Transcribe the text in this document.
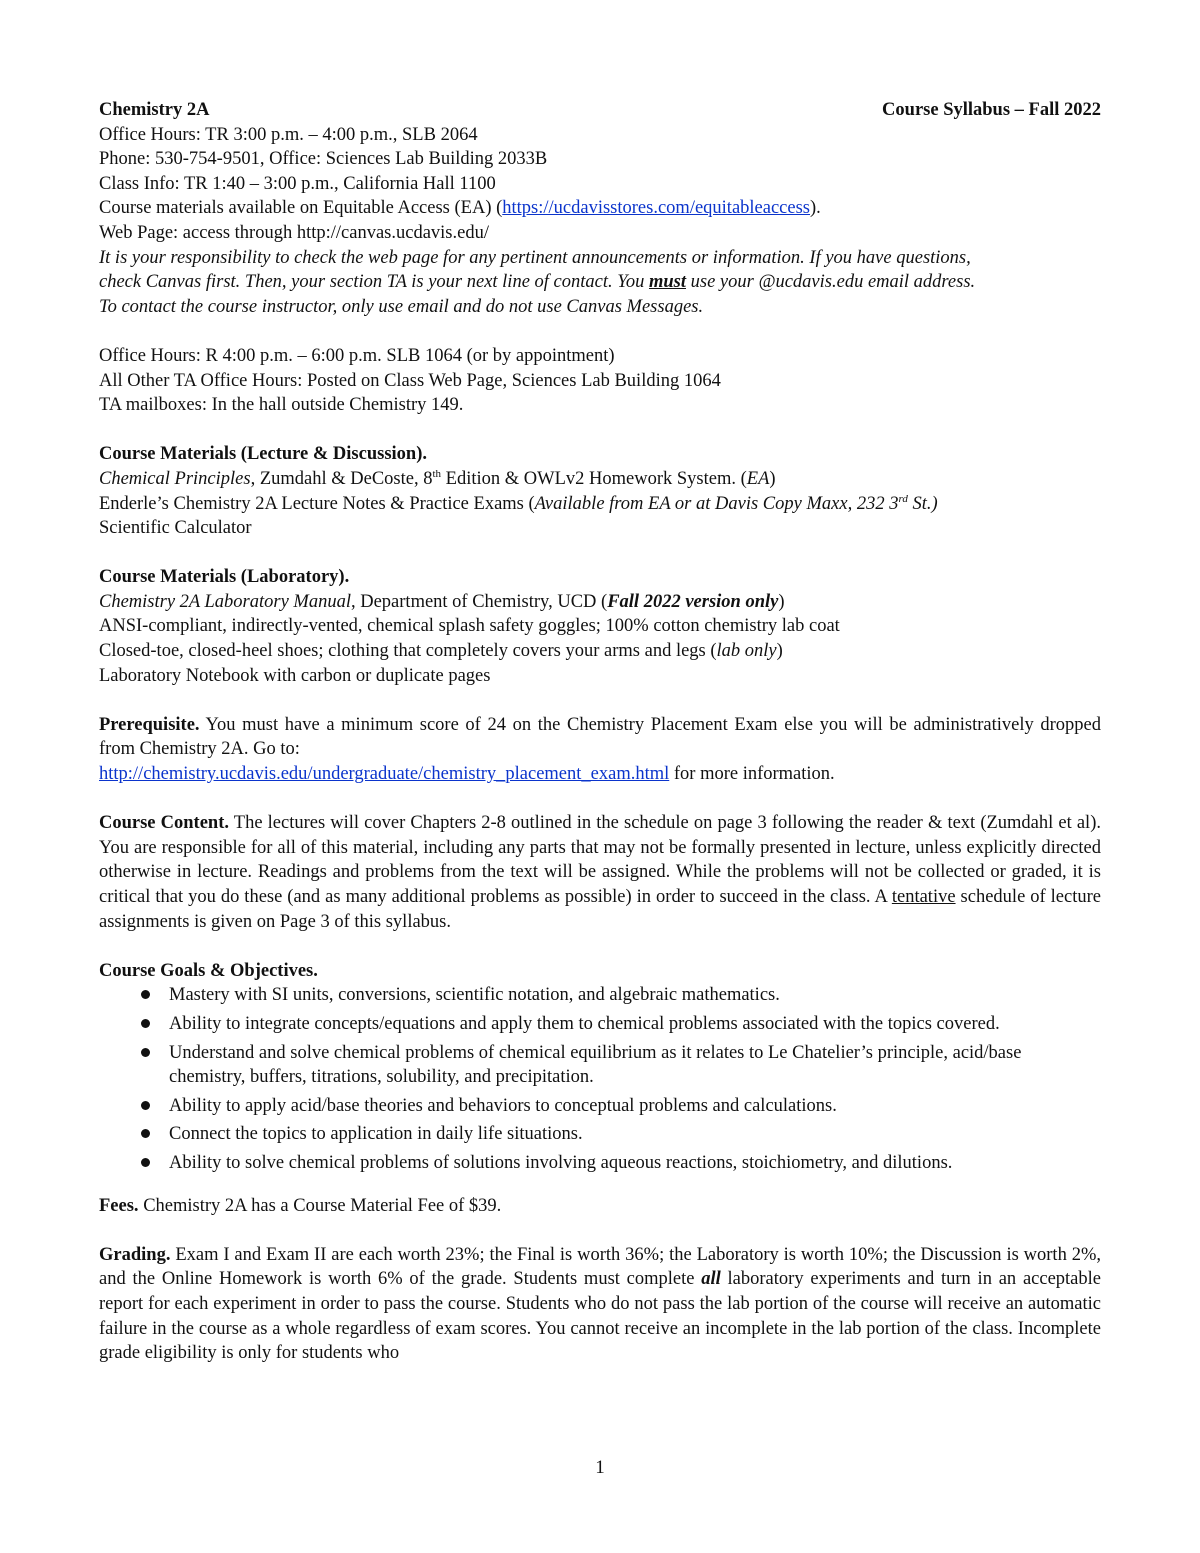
Chemistry 2A	Course Syllabus – Fall 2022
Office Hours: TR 3:00 p.m. – 4:00 p.m., SLB 2064
Phone: 530-754-9501, Office: Sciences Lab Building 2033B
Class Info: TR 1:40 – 3:00 p.m., California Hall 1100
Course materials available on Equitable Access (EA) (https://ucdavisstores.com/equitableaccess).
Web Page: access through http://canvas.ucdavis.edu/
It is your responsibility to check the web page for any pertinent announcements or information. If you have questions,
check Canvas first. Then, your section TA is your next line of contact. You must use your @ucdavis.edu email address.
To contact the course instructor, only use email and do not use Canvas Messages.
Office Hours: R 4:00 p.m. – 6:00 p.m. SLB 1064 (or by appointment)
All Other TA Office Hours: Posted on Class Web Page, Sciences Lab Building 1064
TA mailboxes: In the hall outside Chemistry 149.
Course Materials (Lecture & Discussion).
Chemical Principles, Zumdahl & DeCoste, 8th Edition & OWLv2 Homework System. (EA)
Enderle’s Chemistry 2A Lecture Notes & Practice Exams (Available from EA or at Davis Copy Maxx, 232 3rd St.)
Scientific Calculator
Course Materials (Laboratory).
Chemistry 2A Laboratory Manual, Department of Chemistry, UCD (Fall 2022 version only)
ANSI-compliant, indirectly-vented, chemical splash safety goggles; 100% cotton chemistry lab coat
Closed-toe, closed-heel shoes; clothing that completely covers your arms and legs (lab only)
Laboratory Notebook with carbon or duplicate pages
Prerequisite. You must have a minimum score of 24 on the Chemistry Placement Exam else you will be administratively dropped from Chemistry 2A. Go to:
http://chemistry.ucdavis.edu/undergraduate/chemistry_placement_exam.html for more information.
Course Content. The lectures will cover Chapters 2-8 outlined in the schedule on page 3 following the reader & text (Zumdahl et al). You are responsible for all of this material, including any parts that may not be formally presented in lecture, unless explicitly directed otherwise in lecture. Readings and problems from the text will be assigned. While the problems will not be collected or graded, it is critical that you do these (and as many additional problems as possible) in order to succeed in the class. A tentative schedule of lecture assignments is given on Page 3 of this syllabus.
Course Goals & Objectives.
Mastery with SI units, conversions, scientific notation, and algebraic mathematics.
Ability to integrate concepts/equations and apply them to chemical problems associated with the topics covered.
Understand and solve chemical problems of chemical equilibrium as it relates to Le Chatelier’s principle, acid/base chemistry, buffers, titrations, solubility, and precipitation.
Ability to apply acid/base theories and behaviors to conceptual problems and calculations.
Connect the topics to application in daily life situations.
Ability to solve chemical problems of solutions involving aqueous reactions, stoichiometry, and dilutions.
Fees. Chemistry 2A has a Course Material Fee of $39.
Grading. Exam I and Exam II are each worth 23%; the Final is worth 36%; the Laboratory is worth 10%; the Discussion is worth 2%, and the Online Homework is worth 6% of the grade. Students must complete all laboratory experiments and turn in an acceptable report for each experiment in order to pass the course. Students who do not pass the lab portion of the course will receive an automatic failure in the course as a whole regardless of exam scores. You cannot receive an incomplete in the lab portion of the class. Incomplete grade eligibility is only for students who
1
